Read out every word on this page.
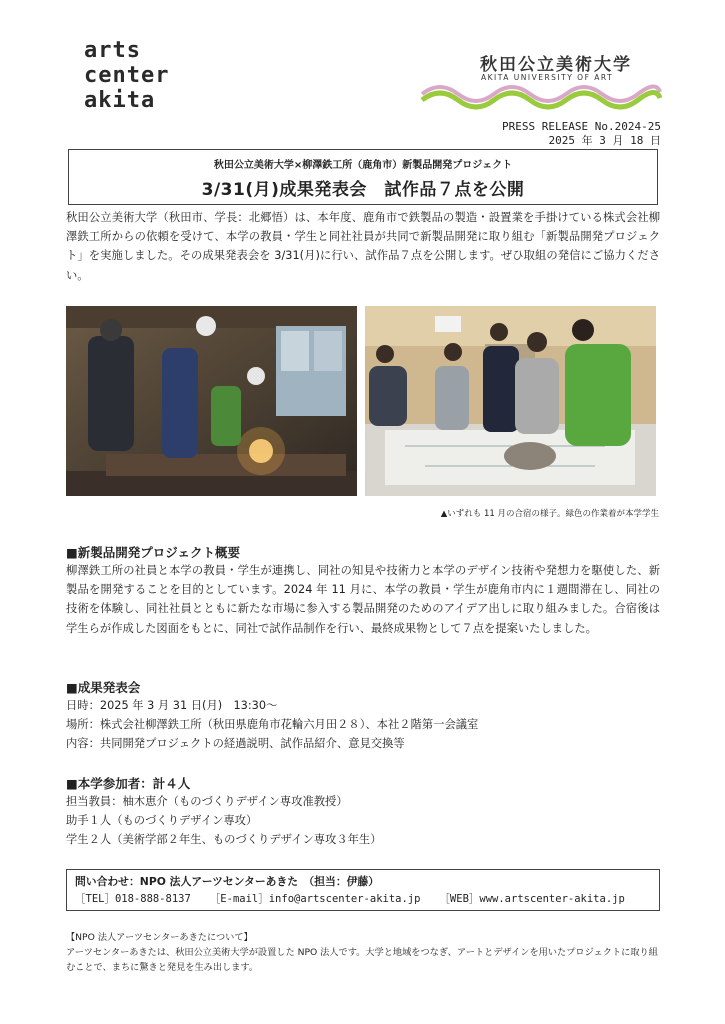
arts
center
akita
秋田公立美術大学
AKITA UNIVERSITY OF ART
PRESS RELEASE No.2024-25
2025 年 3 月 18 日
秋田公立美術大学×柳澤鉄工所（鹿角市）新製品開発プロジェクト
3/31(月)成果発表会　試作品７点を公開
秋田公立美術大学（秋田市、学長：北郷悟）は、本年度、鹿角市で鉄製品の製造・設置業を手掛けている株式会社柳澤鉄工所からの依頼を受けて、本学の教員・学生と同社社員が共同で新製品開発に取り組む「新製品開発プロジェクト」を実施しました。その成果発表会を 3/31(月)に行い、試作品７点を公開します。ぜひ取組の発信にご協力ください。
▲いずれも 11 月の合宿の様子。緑色の作業着が本学学生
■新製品開発プロジェクト概要
柳澤鉄工所の社員と本学の教員・学生が連携し、同社の知見や技術力と本学のデザイン技術や発想力を駆使した、新製品を開発することを目的としています。2024 年 11 月に、本学の教員・学生が鹿角市内に１週間滞在し、同社の技術を体験し、同社社員とともに新たな市場に参入する製品開発のためのアイデア出しに取り組みました。合宿後は学生らが作成した図面をもとに、同社で試作品制作を行い、最終成果物として７点を提案いたしました。
■成果発表会
日時：2025 年 3 月 31 日(月)　13:30～
場所：株式会社柳澤鉄工所（秋田県鹿角市花輪六月田２８）、本社２階第一会議室
内容：共同開発プロジェクトの経過説明、試作品紹介、意見交換等
■本学参加者：計４人
担当教員：柚木恵介（ものづくりデザイン専攻准教授）
助手１人（ものづくりデザイン専攻）
学生２人（美術学部２年生、ものづくりデザイン専攻３年生）
問い合わせ：NPO 法人アーツセンターあきた　（担当：伊藤）
［TEL］018-888-8137 ［E-mail］info@artscenter-akita.jp ［WEB］www.artscenter-akita.jp
【NPO 法人アーツセンターあきたについて】
アーツセンターあきたは、秋田公立美術大学が設置した NPO 法人です。大学と地域をつなぎ、アートとデザインを用いたプロジェクトに取り組むことで、まちに驚きと発見を生み出します。
